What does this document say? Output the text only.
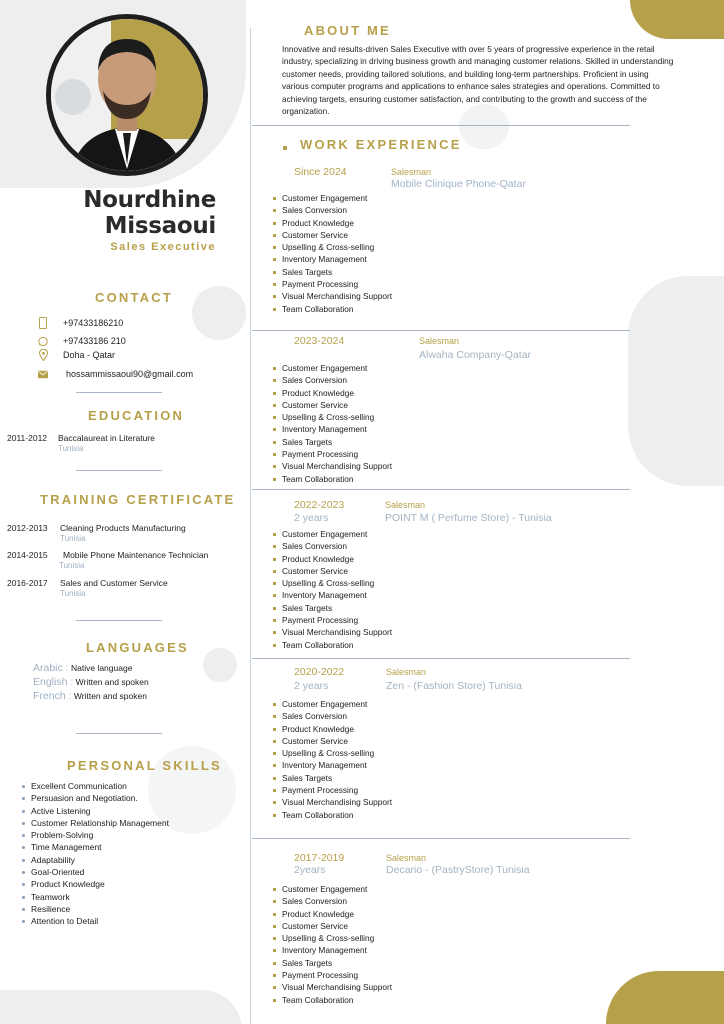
Nourdhine
Missaoui
Sales Executive
CONTACT
+97433186210
+97433186 210
Doha - Qatar
hossammissaoui90@gmail.com
EDUCATION
2011-2012 Baccalaureat in Literature
Tunisia
TRAINING CERTIFICATE
2012-2013 Cleaning Products Manufacturing
Tunisia
2014-2015 Mobile Phone Maintenance Technician
Tunisia
2016-2017 Sales and Customer Service
Tunisia
LANGUAGES
Arabic : Native language
English : Written and spoken
French : Written and spoken
PERSONAL SKILLS
Excellent Communication
Persuasion and Negotiation.
Active Listening
Customer Relationship Management
Problem-Solving
Time Management
Adaptability
Goal-Oriented
Product Knowledge
Teamwork
Resilience
Attention to Detail
ABOUT ME
Innovative and results-driven Sales Executive with over 5 years of progressive experience in the retail industry, specializing in driving business growth and managing customer relations. Skilled in understanding customer needs, providing tailored solutions, and building long-term partnerships. Proficient in using various computer programs and applications to enhance sales strategies and operations. Committed to achieving targets, ensuring customer satisfaction, and contributing to the growth and success of the organization.
WORK EXPERIENCE
Since 2024	Salesman
Mobile Clinique Phone-Qatar
Customer Engagement
Sales Conversion
Product Knowledge
Customer Service
Upselling & Cross-selling
Inventory Management
Sales Targets
Payment Processing
Visual Merchandising Support
Team Collaboration
2023-2024	Salesman
Alwaha Company-Qatar
Customer Engagement
Sales Conversion
Product Knowledge
Customer Service
Upselling & Cross-selling
Inventory Management
Sales Targets
Payment Processing
Visual Merchandising Support
Team Collaboration
2022-2023
2 years
Salesman
POINT M ( Perfume Store) - Tunisia
Customer Engagement
Sales Conversion
Product Knowledge
Customer Service
Upselling & Cross-selling
Inventory Management
Sales Targets
Payment Processing
Visual Merchandising Support
Team Collaboration
2020-2022
2 years
Salesman
Zen - (Fashion Store) Tunisia
Customer Engagement
Sales Conversion
Product Knowledge
Customer Service
Upselling & Cross-selling
Inventory Management
Sales Targets
Payment Processing
Visual Merchandising Support
Team Collaboration
2017-2019
2years
Salesman
Decario - (PastryStore) Tunisia
Customer Engagement
Sales Conversion
Product Knowledge
Customer Service
Upselling & Cross-selling
Inventory Management
Sales Targets
Payment Processing
Visual Merchandising Support
Team Collaboration
